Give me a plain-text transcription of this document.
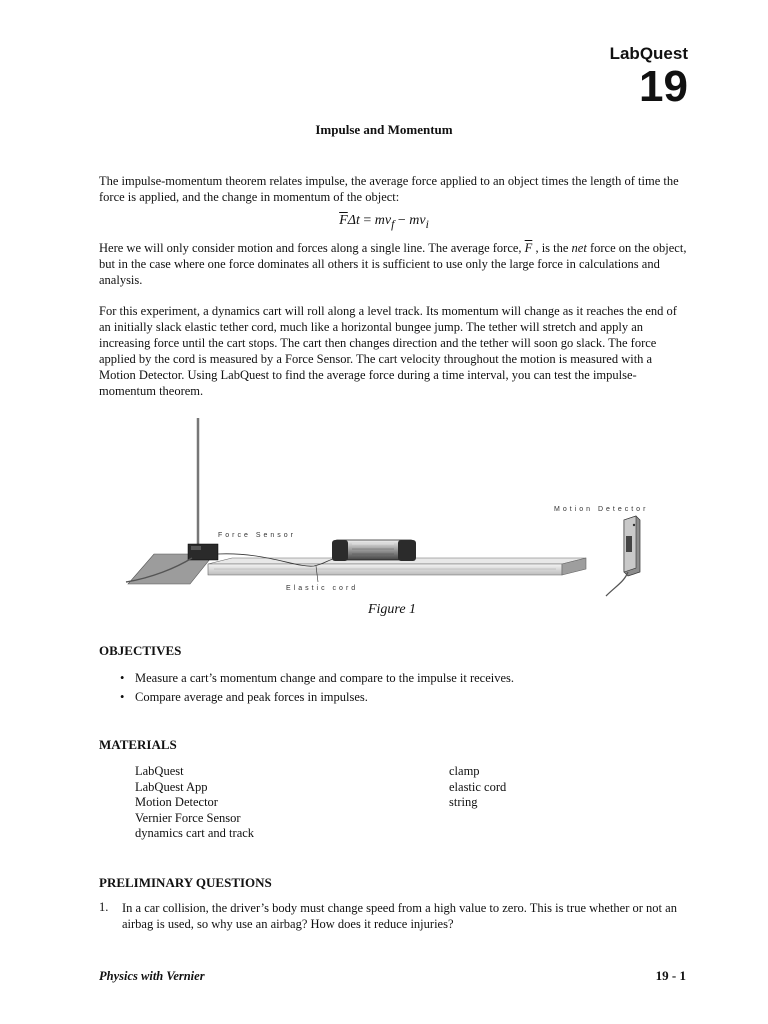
LabQuest
19
Impulse and Momentum

The impulse-momentum theorem relates impulse, the average force applied to an object times the length of time the force is applied, and the change in momentum of the object:

$\overline{F}\Delta t = mv_f - mv_i$

Here we will only consider motion and forces along a single line. The average force, $\overline{F}$ , is the net force on the object, but in the case where one force dominates all others it is sufficient to use only the large force in calculations and analysis.

For this experiment, a dynamics cart will roll along a level track. Its momentum will change as it reaches the end of an initially slack elastic tether cord, much like a horizontal bungee jump. The tether will stretch and apply an increasing force until the cart stops. The cart then changes direction and the tether will soon go slack. The force applied by the cord is measured by a Force Sensor. The cart velocity throughout the motion is measured with a Motion Detector. Using LabQuest to find the average force during a time interval, you can test the impulse-momentum theorem.

Force Sensor
Motion Detector
Elastic cord
Figure 1
OBJECTIVES
• Measure a cart’s momentum change and compare to the impulse it receives.
• Compare average and peak forces in impulses.
MATERIALS
LabQuest
LabQuest App
Motion Detector
Vernier Force Sensor
dynamics cart and track
clamp
elastic cord
string
PRELIMINARY QUESTIONS
1. In a car collision, the driver’s body must change speed from a high value to zero. This is true whether or not an airbag is used, so why use an airbag? How does it reduce injuries?

Physics with Vernier	19 - 1
